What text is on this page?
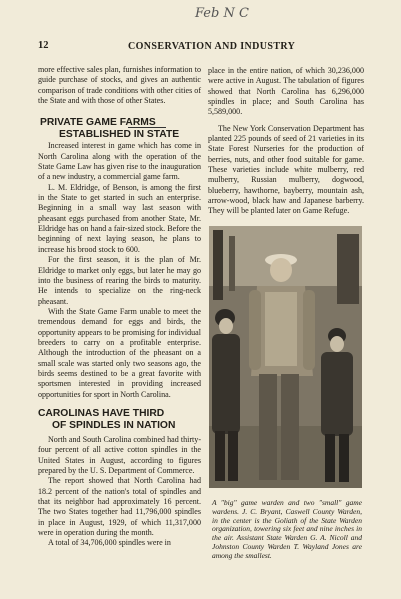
Feb N C
12	CONSERVATION AND INDUSTRY

more effective sales plan, furnishes information to guide purchase of stocks, and gives an authentic comparison of trade conditions with other cities of the State and with those of other States.

PRIVATE GAME FARMS
ESTABLISHED IN STATE

Increased interest in game which has come in North Carolina along with the operation of the State Game Law has given rise to the inauguration of a new industry, a commercial game farm.

L. M. Eldridge, of Benson, is among the first in the State to get started in such an enterprise. Beginning in a small way last season with pheasant eggs purchased from another State, Mr. Eldridge has on hand a fair-sized stock. Before the beginning of next laying season, he plans to increase his brood stock to 600.

For the first season, it is the plan of Mr. Eldridge to market only eggs, but later he may go into the business of rearing the birds to maturity. He intends to specialize on the ring-neck pheasant.

With the State Game Farm unable to meet the tremendous demand for eggs and birds, the opportunity appears to be promising for individual breeders to carry on a profitable enterprise. Although the introduction of the pheasant on a small scale was started only two seasons ago, the birds seems destined to be a great favorite with sportsmen interested in providing increased opportunities for sport in North Carolina.

CAROLINAS HAVE THIRD
OF SPINDLES IN NATION

North and South Carolina combined had thirty-four percent of all active cotton spindles in the United States in August, according to figures prepared by the U. S. Department of Commerce.

The report showed that North Carolina had 18.2 percent of the nation's total of spindles and that its neighbor had approximately 16 percent. The two States together had 11,796,000 spindles in place in August, 1929, of which 11,317,000 were in operation during the month.

A total of 34,706,000 spindles were in

place in the entire nation, of which 30,236,000 were active in August. The tabulation of figures showed that North Carolina has 6,296,000 spindles in place; and South Carolina has 5,589,000.

The New York Conservation Department has planted 225 pounds of seed of 21 varieties in its State Forest Nurseries for the production of berries, nuts, and other food suitable for game. These varieties include white mulberry, red mulberry, Russian mulberry, dogwood, blueberry, hawthorne, bayberry, mountain ash, arrow-wood, black haw and Japanese barberry. They will be planted later on Game Refuge.

A "big" game warden and two "small" game wardens. J. C. Bryant, Caswell County Warden, in the center is the Goliath of the State Warden organization, towering six feet and nine inches in the air. Assistant State Warden G. A. Nicoll and Johnston County Warden T. Wayland Jones are among the smallest.
